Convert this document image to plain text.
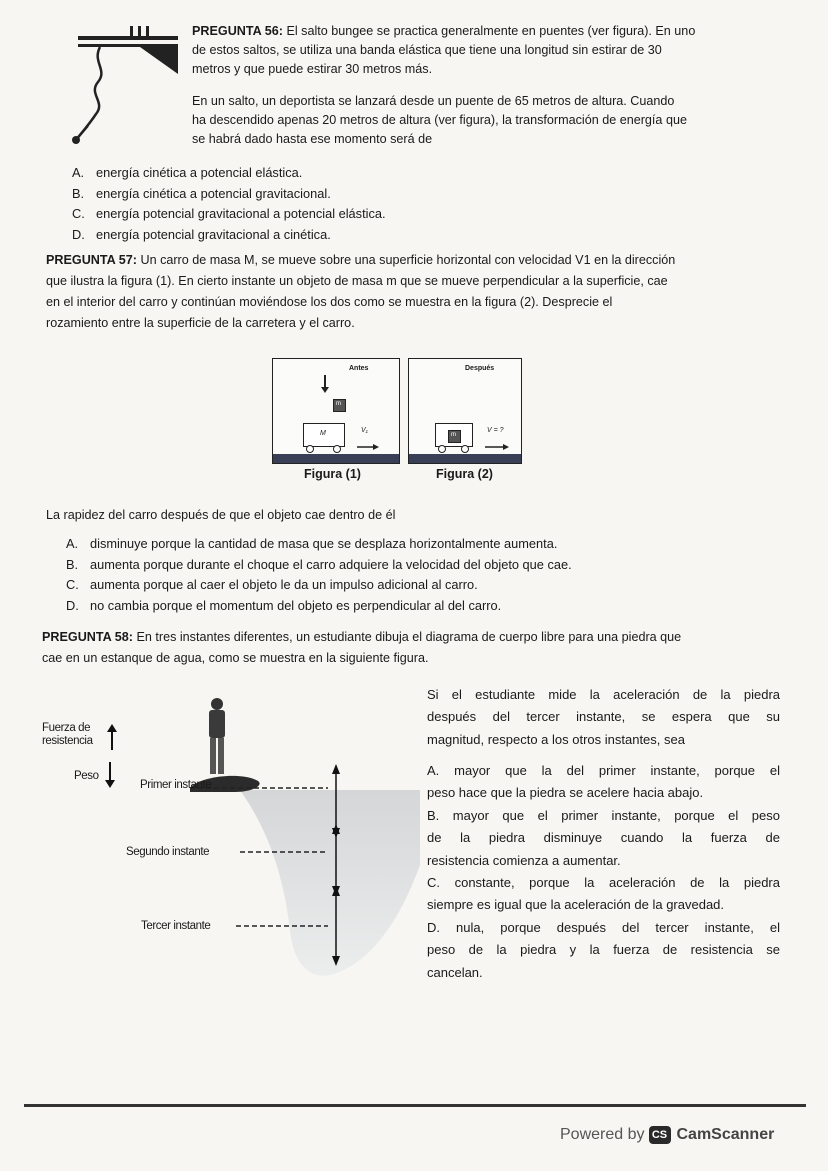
PREGUNTA 56: El salto bungee se practica generalmente en puentes (ver figura). En uno
de estos saltos, se utiliza una banda elástica que tiene una longitud sin estirar de 30
metros y que puede estirar 30 metros más.
En un salto, un deportista se lanzará desde un puente de 65 metros de altura. Cuando
ha descendido apenas 20 metros de altura (ver figura), la transformación de energía que
se habrá dado hasta ese momento será de
A. energía cinética a potencial elástica.
B. energía cinética a potencial gravitacional.
C. energía potencial gravitacional a potencial elástica.
D. energía potencial gravitacional a cinética.
PREGUNTA 57: Un carro de masa M, se mueve sobre una superficie horizontal con velocidad V1 en la dirección
que ilustra la figura (1). En cierto instante un objeto de masa m que se mueve perpendicular a la superficie, cae
en el interior del carro y continúan moviéndose los dos como se muestra en la figura (2). Desprecie el
rozamiento entre la superficie de la carretera y el carro.
Antes
m
M	V₁
Figura (1)
Después
m
V = ?
Figura (2)
La rapidez del carro después de que el objeto cae dentro de él
A. disminuye porque la cantidad de masa que se desplaza horizontalmente aumenta.
B. aumenta porque durante el choque el carro adquiere la velocidad del objeto que cae.
C. aumenta porque al caer el objeto le da un impulso adicional al carro.
D. no cambia porque el momentum del objeto es perpendicular al del carro.
PREGUNTA 58: En tres instantes diferentes, un estudiante dibuja el diagrama de cuerpo libre para una piedra que
cae en un estanque de agua, como se muestra en la siguiente figura.
Fuerza de
resistencia
Peso
Primer instante
Segundo instante
Tercer instante
Si el estudiante mide la aceleración de la piedra
después del tercer instante, se espera que su
magnitud, respecto a los otros instantes, sea
A. mayor que la del primer instante, porque el
peso hace que la piedra se acelere hacia abajo.
B. mayor que el primer instante, porque el peso
de la piedra disminuye cuando la fuerza de
resistencia comienza a aumentar.
C. constante, porque la aceleración de la piedra
siempre es igual que la aceleración de la gravedad.
D. nula, porque después del tercer instante, el
peso de la piedra y la fuerza de resistencia se
cancelan.
Powered by CS CamScanner
